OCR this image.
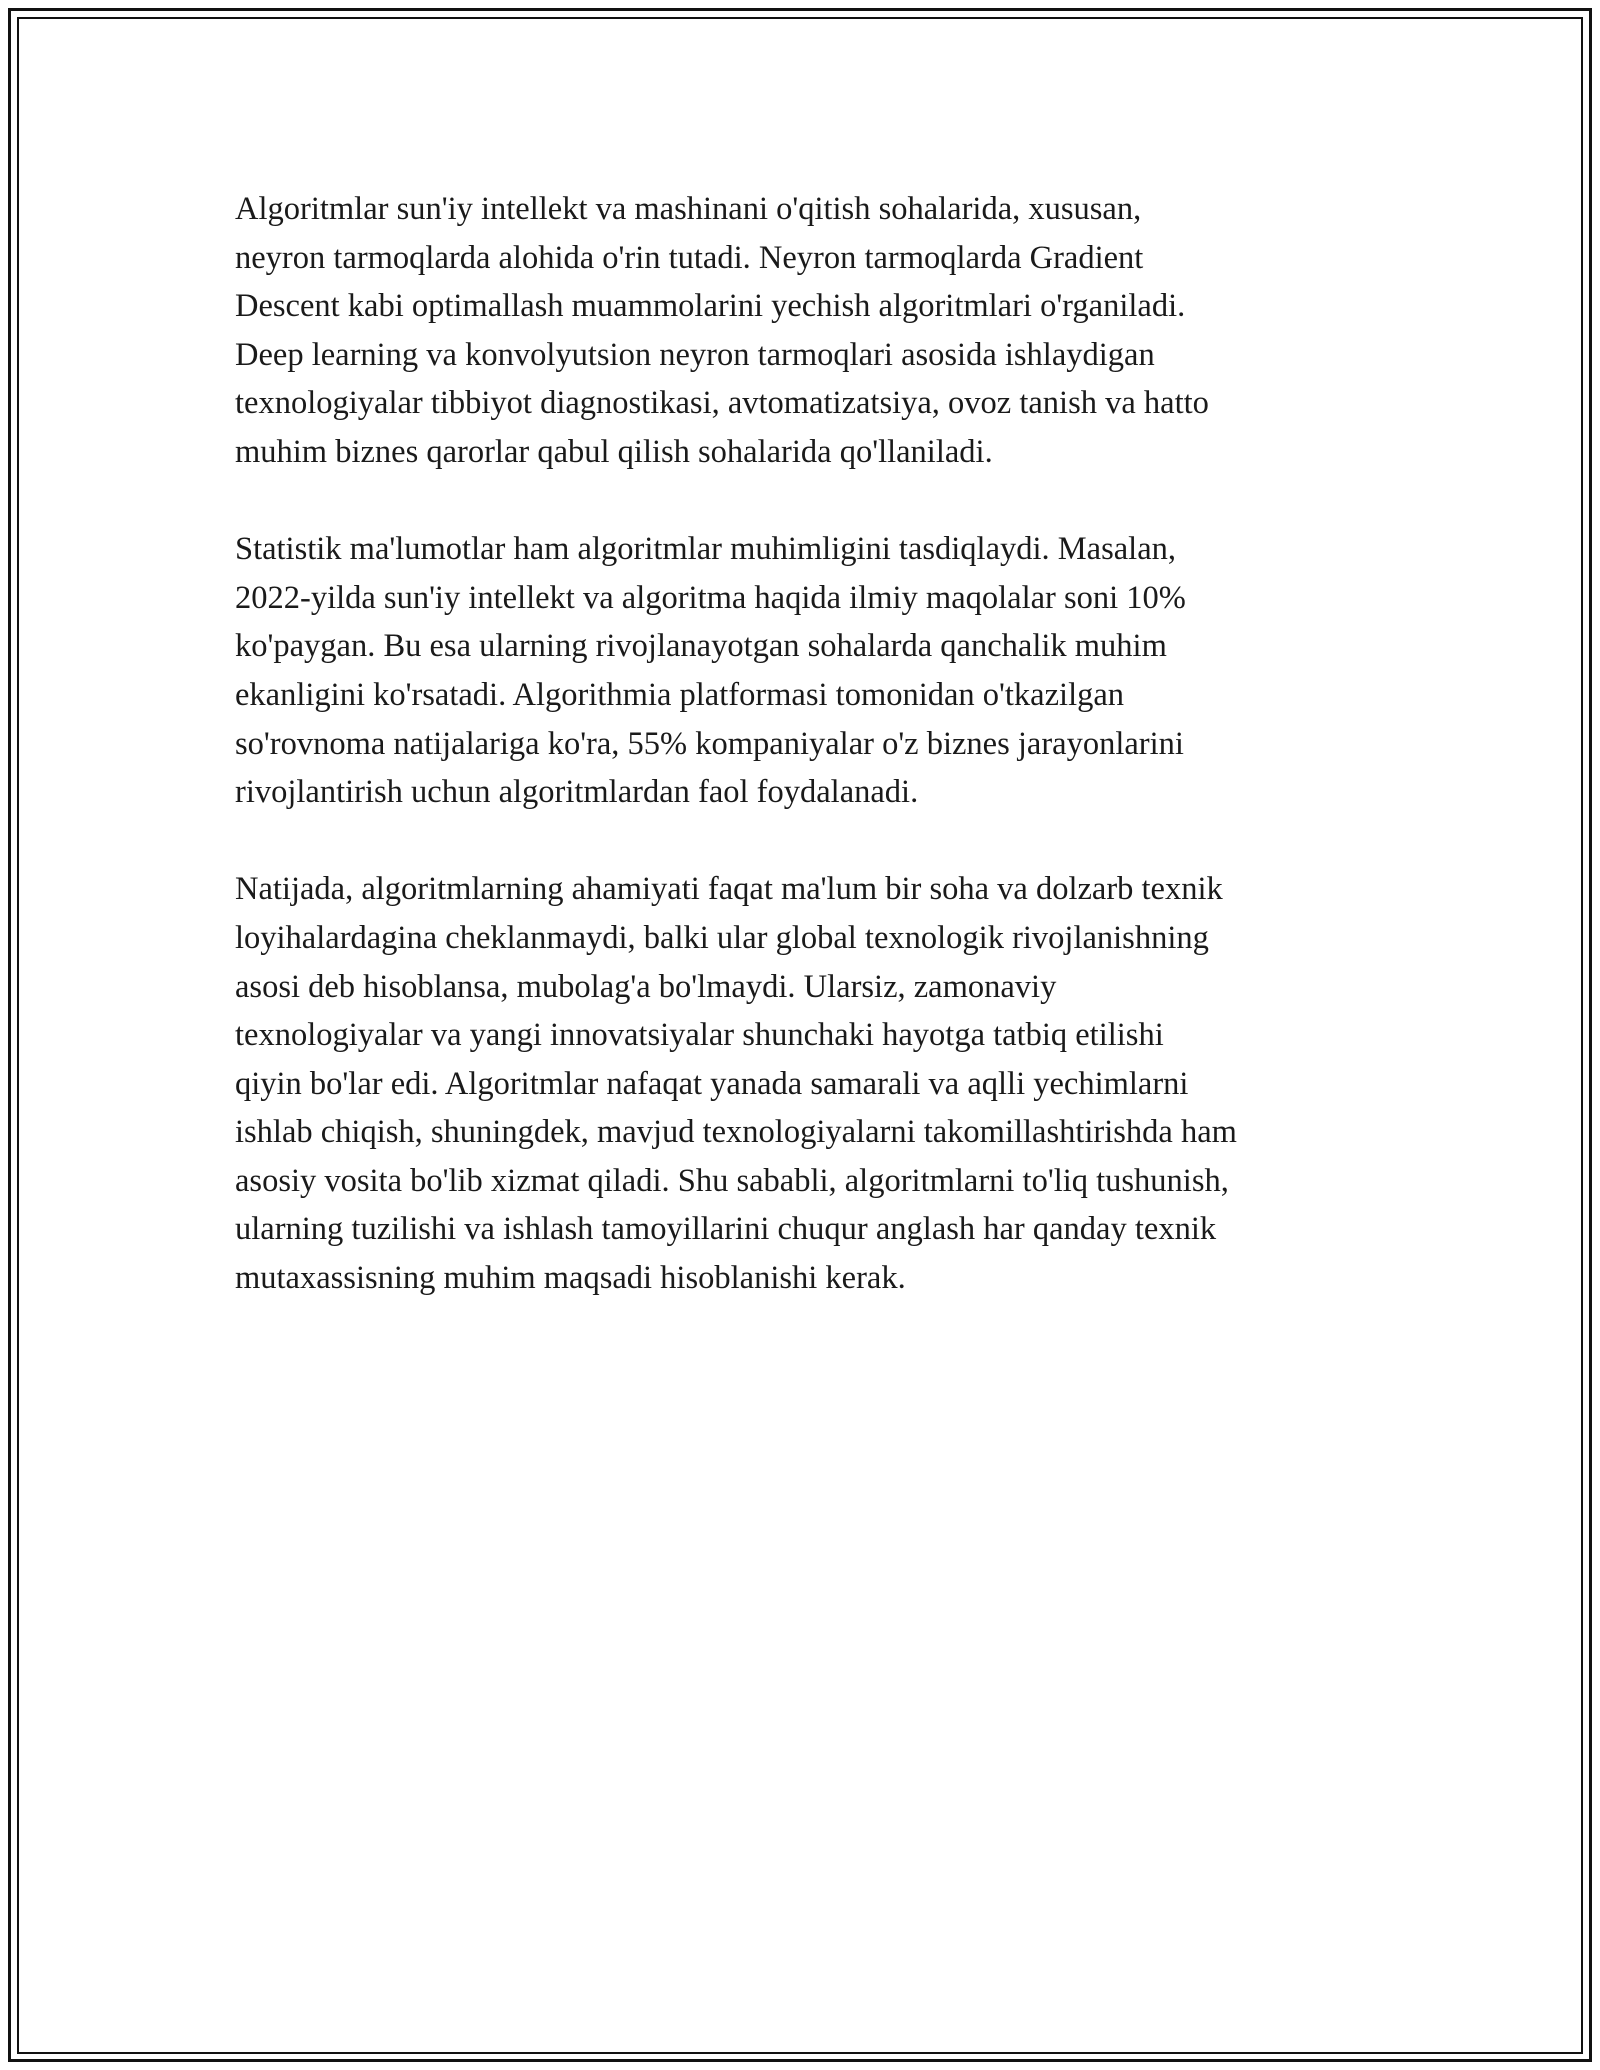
Algoritmlar sun'iy intellekt va mashinani o'qitish sohalarida, xususan,
neyron tarmoqlarda alohida o'rin tutadi. Neyron tarmoqlarda Gradient
Descent kabi optimallash muammolarini yechish algoritmlari o'rganiladi.
Deep learning va konvolyutsion neyron tarmoqlari asosida ishlaydigan
texnologiyalar tibbiyot diagnostikasi, avtomatizatsiya, ovoz tanish va hatto
muhim biznes qarorlar qabul qilish sohalarida qo'llaniladi.

Statistik ma'lumotlar ham algoritmlar muhimligini tasdiqlaydi. Masalan,
2022-yilda sun'iy intellekt va algoritma haqida ilmiy maqolalar soni 10%
ko'paygan. Bu esa ularning rivojlanayotgan sohalarda qanchalik muhim
ekanligini ko'rsatadi. Algorithmia platformasi tomonidan o'tkazilgan
so'rovnoma natijalariga ko'ra, 55% kompaniyalar o'z biznes jarayonlarini
rivojlantirish uchun algoritmlardan faol foydalanadi.

Natijada, algoritmlarning ahamiyati faqat ma'lum bir soha va dolzarb texnik
loyihalardagina cheklanmaydi, balki ular global texnologik rivojlanishning
asosi deb hisoblansa, mubolag'a bo'lmaydi. Ularsiz, zamonaviy
texnologiyalar va yangi innovatsiyalar shunchaki hayotga tatbiq etilishi
qiyin bo'lar edi. Algoritmlar nafaqat yanada samarali va aqlli yechimlarni
ishlab chiqish, shuningdek, mavjud texnologiyalarni takomillashtirishda ham
asosiy vosita bo'lib xizmat qiladi. Shu sababli, algoritmlarni to'liq tushunish,
ularning tuzilishi va ishlash tamoyillarini chuqur anglash har qanday texnik
mutaxassisning muhim maqsadi hisoblanishi kerak.
